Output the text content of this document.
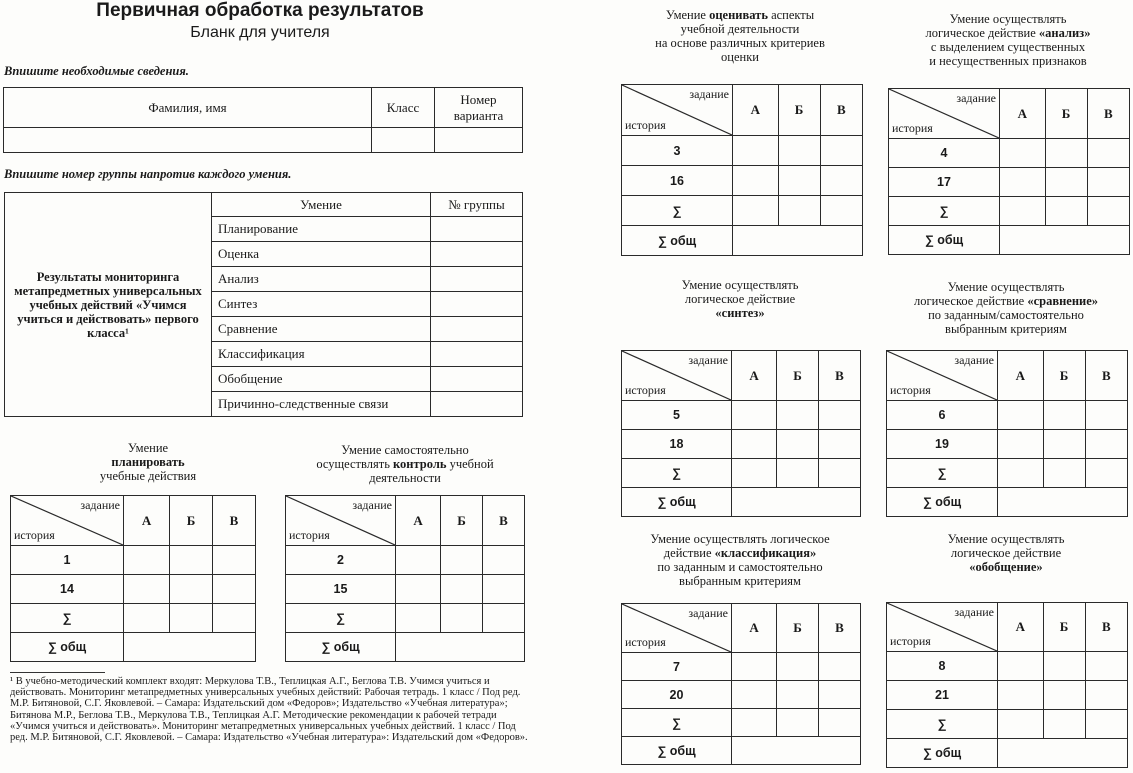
Первичная обработка результатов
Бланк для учителя
Впишите необходимые сведения.
Фамилия, имя	Класс	Номер варианта

Впишите номер группы напротив каждого умения.
Результаты мониторинга метапредметных универсальных учебных действий «Учимся учиться и действовать» первого класса¹	Умение	№ группы
	Планирование	
	Оценка	
	Анализ	
	Синтез	
	Сравнение	
	Классификация	
	Обобщение	
	Причинно-следственные связи	
Умение
планировать
учебные действия
задание
история	А	Б	В
1			
14			
∑			
∑ общ			
Умение самостоятельно
осуществлять контроль учебной
деятельности
задание
история	А	Б	В
2			
15			
∑			
∑ общ			
Умение оценивать аспекты
учебной деятельности
на основе различных критериев
оценки
задание
история	А	Б	В
3			
16			
∑			
∑ общ			
Умение осуществлять
логическое действие «анализ»
с выделением существенных
и несущественных признаков
задание
история	А	Б	В
4			
17			
∑			
∑ общ			
Умение осуществлять
логическое действие
«синтез»
задание
история	А	Б	В
5			
18			
∑			
∑ общ			
Умение осуществлять
логическое действие «сравнение»
по заданным/самостоятельно
выбранным критериям
задание
история	А	Б	В
6			
19			
∑			
∑ общ			
Умение осуществлять логическое
действие «классификация»
по заданным и самостоятельно
выбранным критериям
задание
история	А	Б	В
7			
20			
∑			
∑ общ			
Умение осуществлять
логическое действие
«обобщение»
задание
история	А	Б	В
8			
21			
∑			
∑ общ			
¹ В учебно-методический комплект входят: Меркулова Т.В., Теплицкая А.Г., Беглова Т.В. Учимся учиться и действовать. Мониторинг метапредметных универсальных учебных действий: Рабочая тетрадь. 1 класс / Под ред. М.Р. Битяновой, С.Г. Яковлевой. – Самара: Издательский дом «Федоров»; Издательство «Учебная литература»; Битянова М.Р., Беглова Т.В., Меркулова Т.В., Теплицкая А.Г. Методические рекомендации к рабочей тетради «Учимся учиться и действовать». Мониторинг метапредметных универсальных учебных действий. 1 класс / Под ред. М.Р. Битяновой, С.Г. Яковлевой. – Самара: Издательство «Учебная литература»: Издательский дом «Федоров».
